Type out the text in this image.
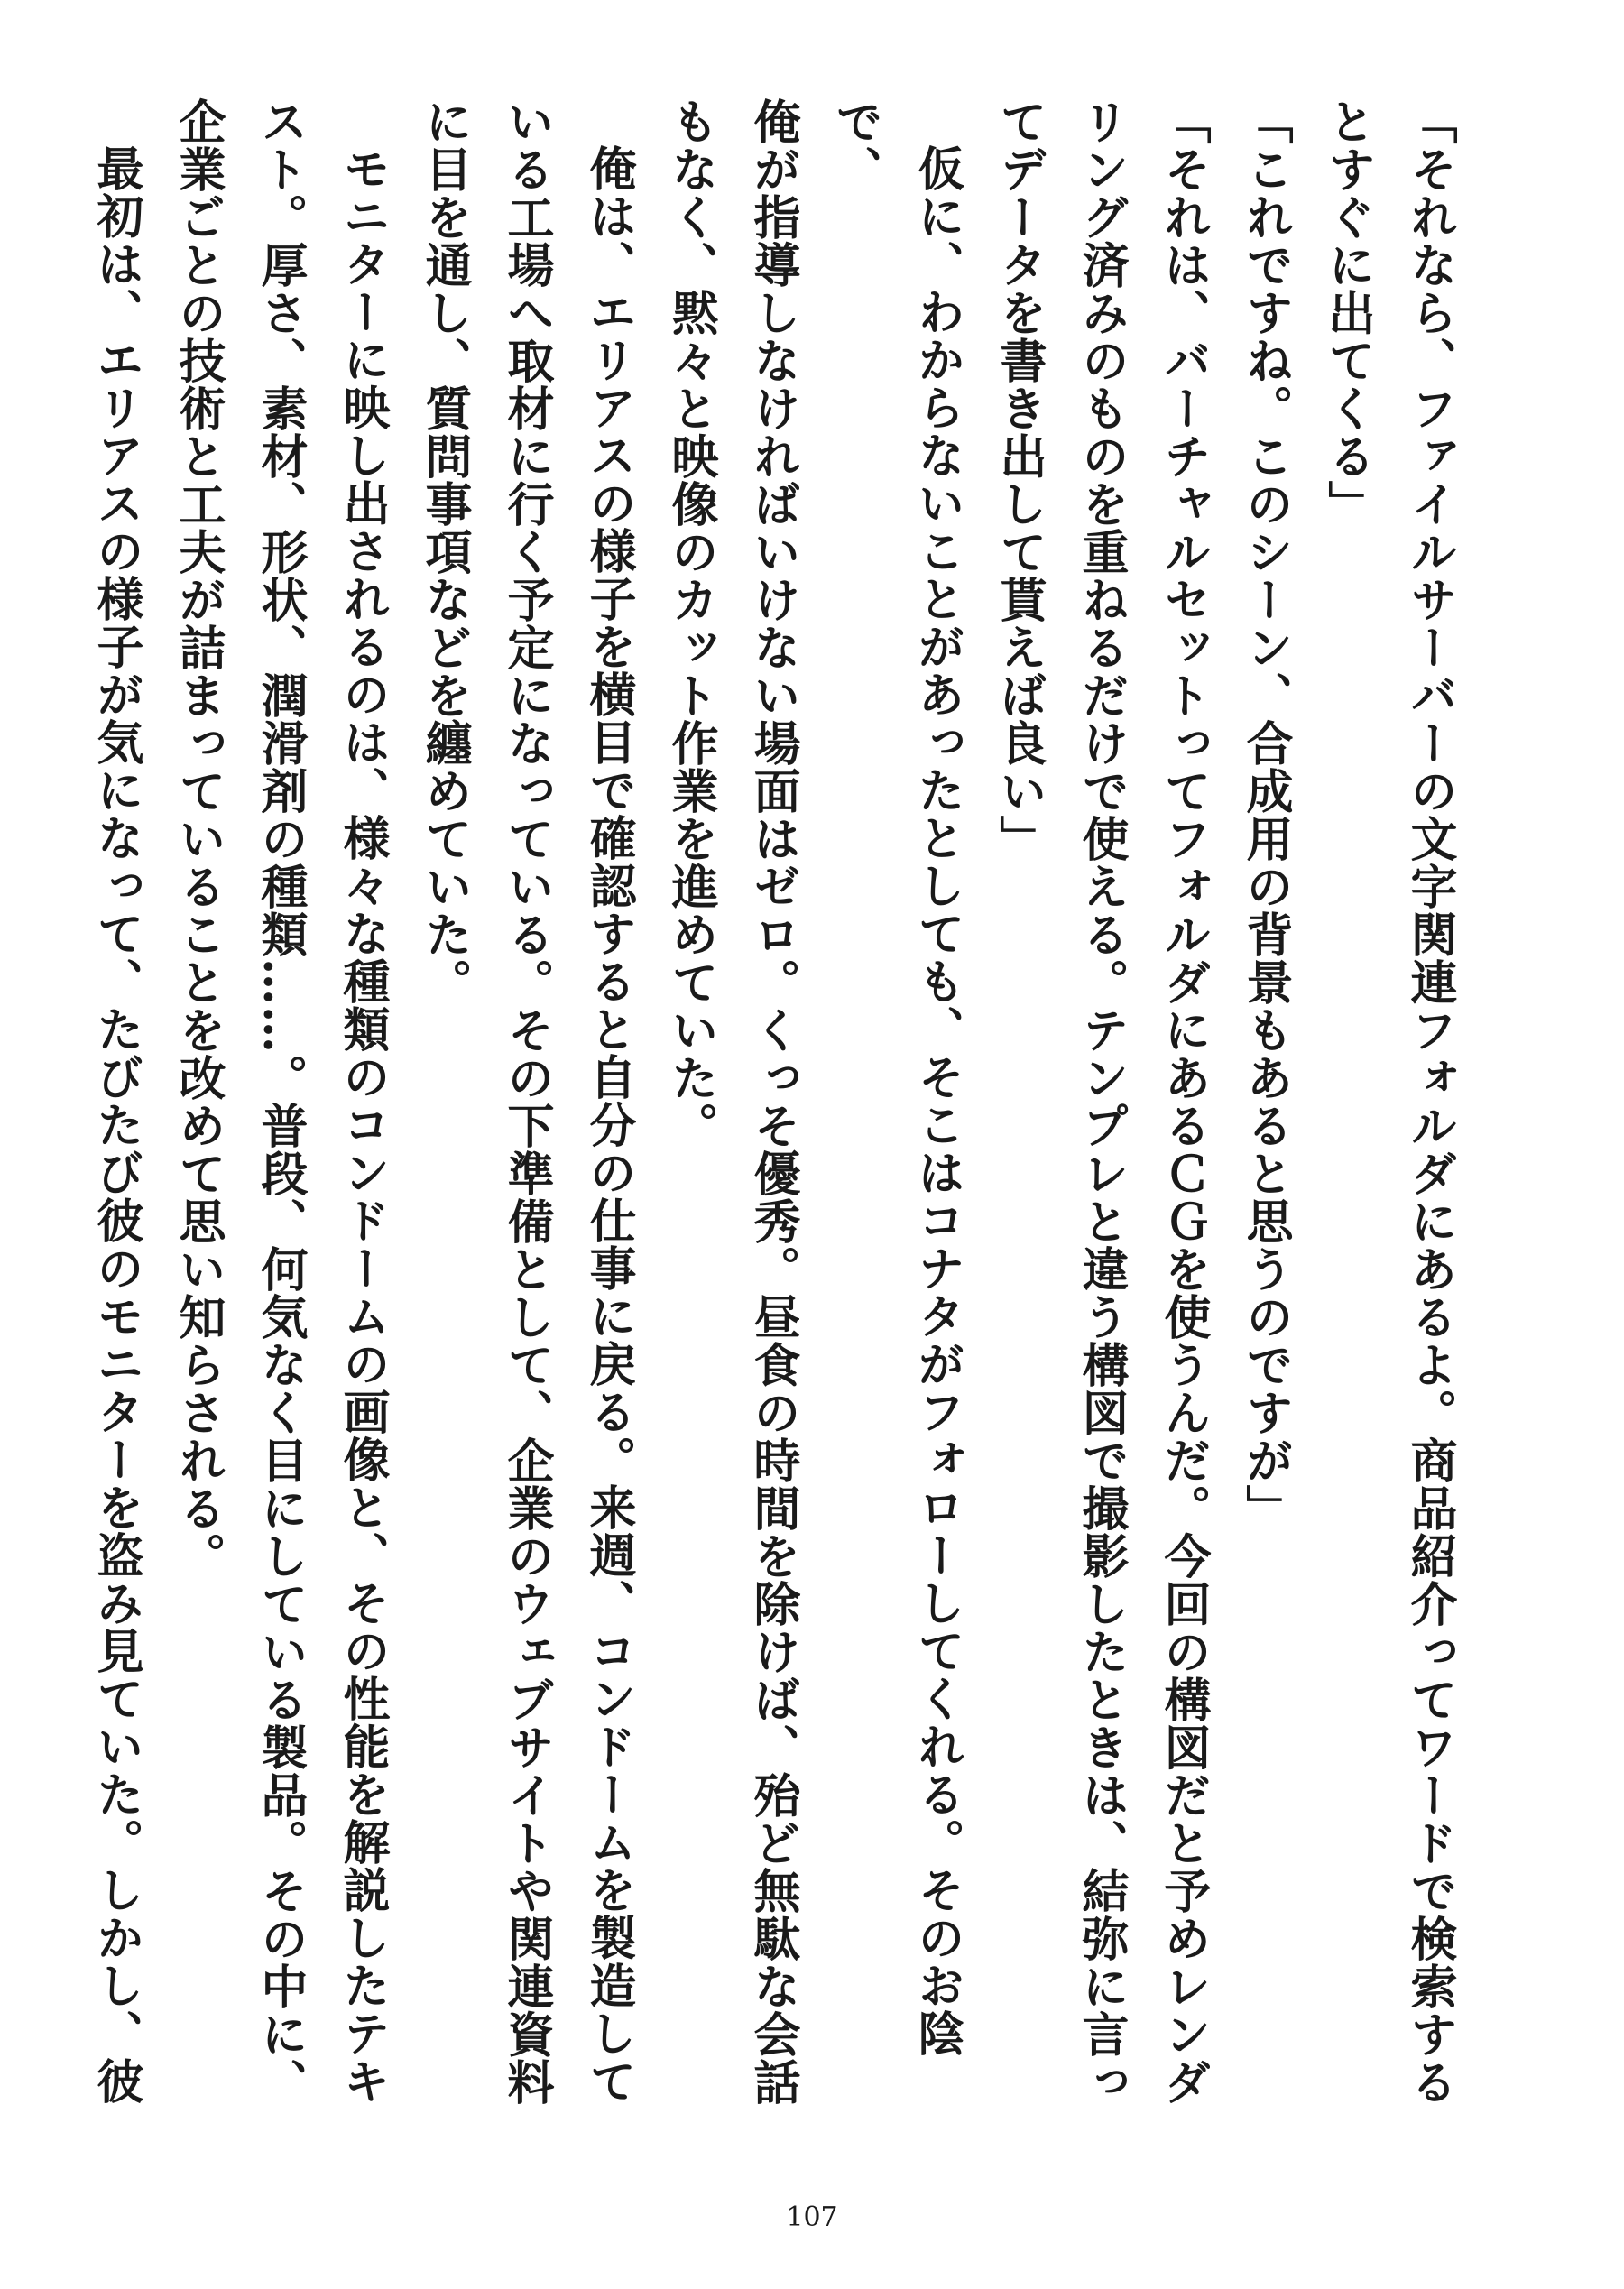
「それなら、ファイルサーバーの文字関連フォルダにあるよ。商品紹介ってワードで検索する
とすぐに出てくる」

「これですね。このシーン、合成用の背景もあると思うのですが」

「それは、バーチャルセットってフォルダにあるＣＧを使うんだ。今回の構図だと予めレンダ
リング済みのものを重ねるだけで使える。テンプレと違う構図で撮影したときは、結弥に言っ
てデータを書き出して貰えば良い」

仮に、わからないことがあったとしても、そこはコナタがフォローしてくれる。そのお陰で、
俺が指導しなければいけない場面はゼロ。くっそ優秀。昼食の時間を除けば、殆ど無駄な会話
もなく、黙々と映像のカット作業を進めていた。

俺は、エリアスの様子を横目で確認すると自分の仕事に戻る。来週、コンドームを製造して
いる工場へ取材に行く予定になっている。その下準備として、企業のウェブサイトや関連資料
に目を通し、質問事項などを纏めていた。

モニターに映し出されるのは、様々な種類のコンドームの画像と、その性能を解説したテキ
スト。厚さ、素材、形状、潤滑剤の種類……。普段、何気なく目にしている製品。その中に、
企業ごとの技術と工夫が詰まっていることを改めて思い知らされる。

最初は、エリアスの様子が気になって、たびたび彼のモニターを盗み見ていた。しかし、彼

107
